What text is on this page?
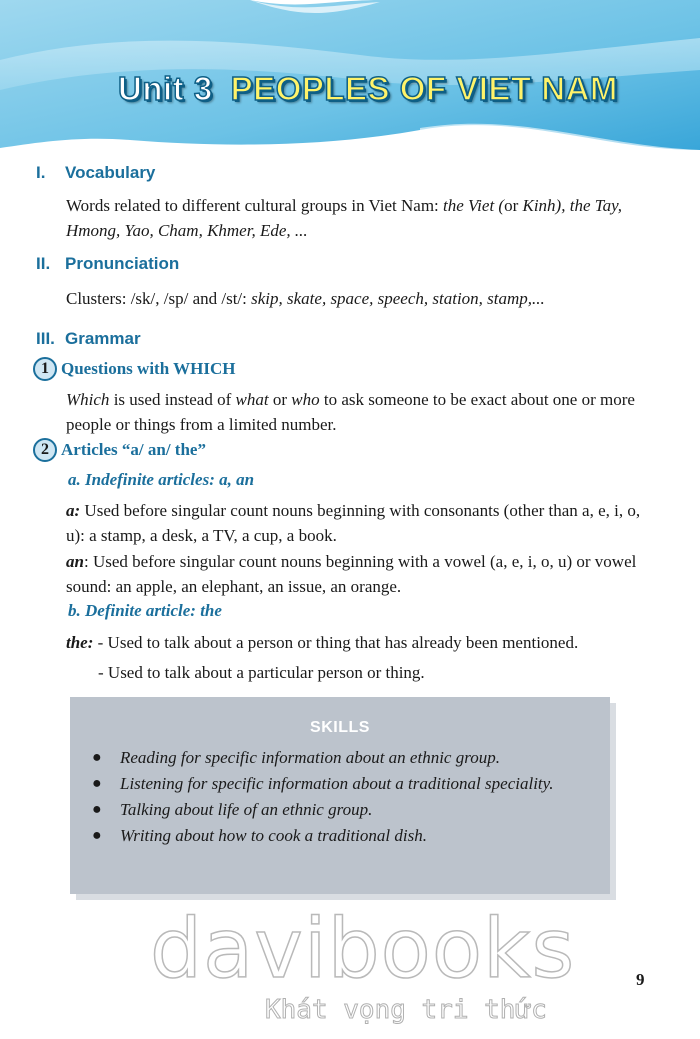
Unit 3 PEOPLES OF VIET NAM
I. Vocabulary
Words related to different cultural groups in Viet Nam: the Viet (or Kinh), the Tay, Hmong, Yao, Cham, Khmer, Ede, ...
II. Pronunciation
Clusters: /sk/, /sp/ and /st/: skip, skate, space, speech, station, stamp,...
III. Grammar
1 Questions with WHICH
Which is used instead of what or who to ask someone to be exact about one or more people or things from a limited number.
2 Articles “a/ an/ the”
a. Indefinite articles: a, an
a: Used before singular count nouns beginning with consonants (other than a, e, i, o, u): a stamp, a desk, a TV, a cup, a book.
an: Used before singular count nouns beginning with a vowel (a, e, i, o, u) or vowel sound: an apple, an elephant, an issue, an orange.
b. Definite article: the
the: - Used to talk about a person or thing that has already been mentioned.
- Used to talk about a particular person or thing.
SKILLS
● Reading for specific information about an ethnic group.
● Listening for specific information about a traditional speciality.
● Talking about life of an ethnic group.
● Writing about how to cook a traditional dish.
davibooks
Khát vọng tri thức
9
